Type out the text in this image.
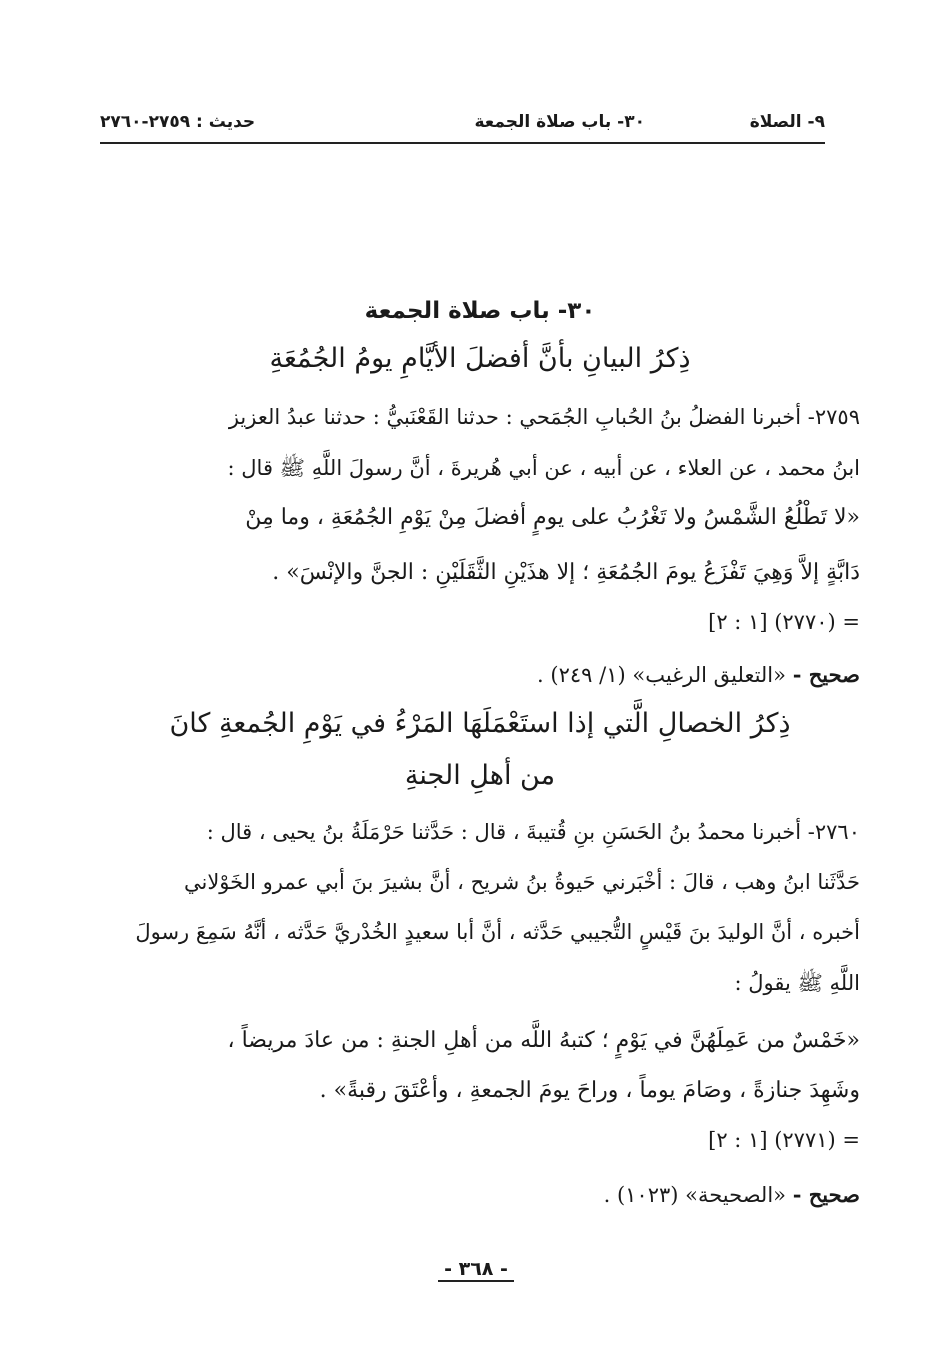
٩- الصلاة
٣٠- باب صلاة الجمعة
حديث : ٢٧٥٩-٢٧٦٠
٣٠- باب صلاة الجمعة
ذِكرُ البيانِ بأنَّ أفضلَ الأيَّامِ يومُ الجُمُعَةِ
٢٧٥٩- أخبرنا الفضلُ بنُ الحُبابِ الجُمَحي : حدثنا القَعْنَبيُّ : حدثنا عبدُ العزيز
ابنُ محمد ، عن العلاء ، عن أبيه ، عن أبي هُريرةَ ، أنَّ رسولَ اللَّهِ ﷺ قال :
«لا تَطْلُعُ الشَّمْسُ ولا تَغْرُبُ على يومٍ أفضلَ مِنْ يَوْمِ الجُمُعَةِ ، وما مِنْ
دَابَّةٍ إلاَّ وَهِيَ تَفْزَعُ يومَ الجُمُعَةِ ؛ إلا هذَيْنِ الثَّقَلَيْنِ : الجنَّ والإنْسَ» .
= (٢٧٧٠) [١ : ٢]
صحيح - «التعليق الرغيب» (١/ ٢٤٩) .
ذِكرُ الخصالِ الَّتي إذا استَعْمَلَهَا المَرْءُ في يَوْمِ الجُمعةِ كانَ
من أهلِ الجنةِ
٢٧٦٠- أخبرنا محمدُ بنُ الحَسَنِ بنِ قُتيبةَ ، قال : حَدَّثنا حَرْمَلَةُ بنُ يحيى ، قال :
حَدَّثَنا ابنُ وهب ، قالَ : أخْبَرني حَيوةُ بنُ شريح ، أنَّ بشيرَ بنَ أبي عمرو الخَوْلاني
أخبره ، أنَّ الوليدَ بنَ قَيْسٍ التُّجيبي حَدَّثه ، أنَّ أبا سعيدٍ الخُدْريَّ حَدَّثه ، أنَّهُ سَمِعَ رسولَ
اللَّهِ ﷺ يقولُ :
«خَمْسٌ من عَمِلَهُنَّ في يَوْمٍ ؛ كتبهُ اللَّه من أهلِ الجنةِ : من عادَ مريضاً ،
وشَهِدَ جنازةً ، وصَامَ يوماً ، وراحَ يومَ الجمعةِ ، وأعْتَقَ رقبةً» .
= (٢٧٧١) [١ : ٢]
صحيح - «الصحيحة» (١٠٢٣) .
- ٣٦٨ -
